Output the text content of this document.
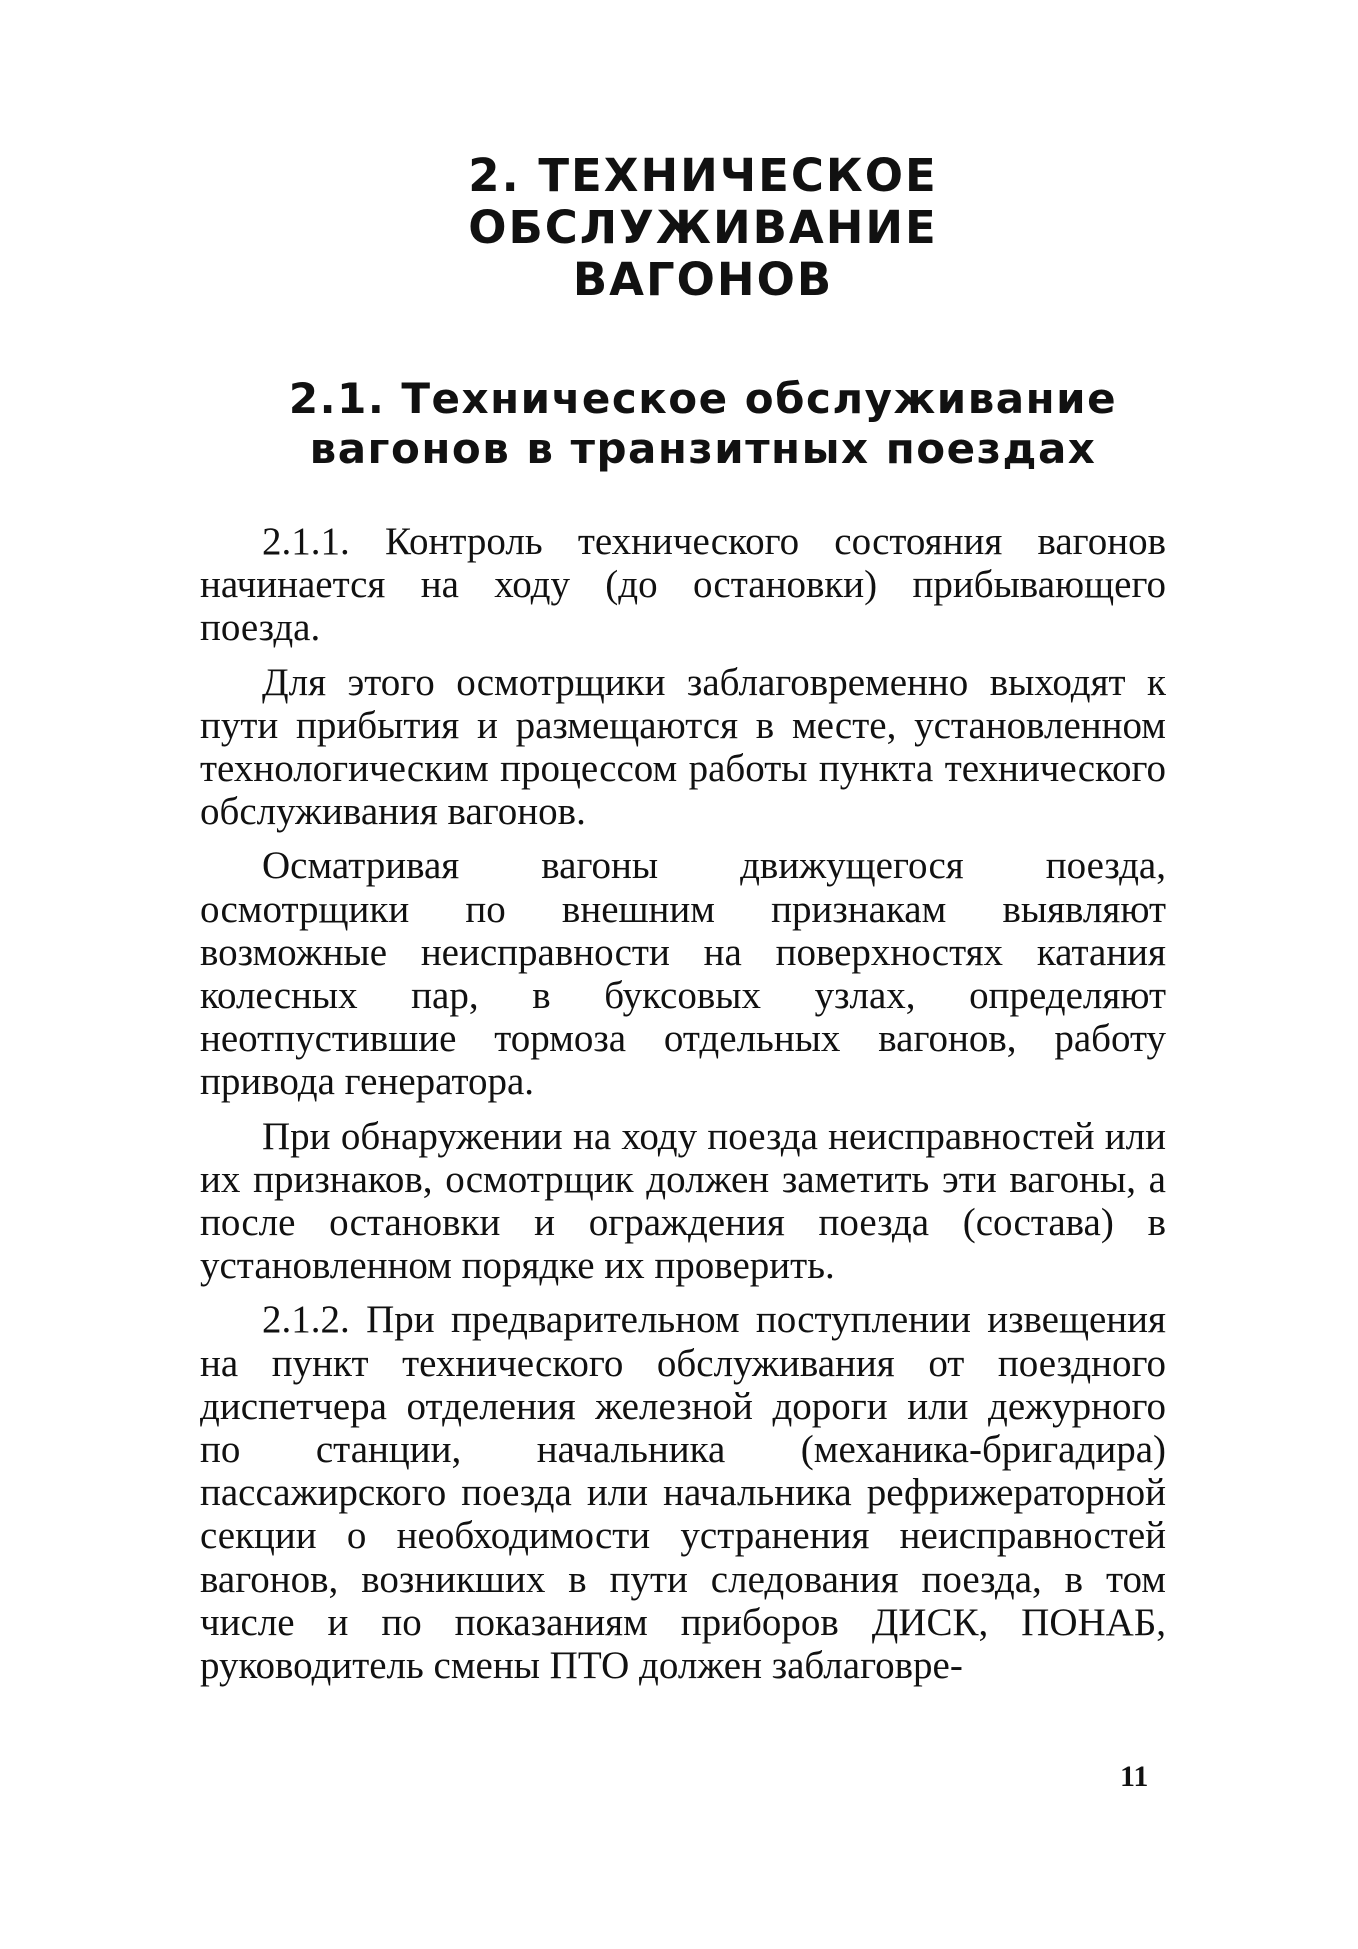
2. ТЕХНИЧЕСКОЕ ОБСЛУЖИВАНИЕ
ВАГОНОВ
2.1. Техническое обслуживание
вагонов в транзитных поездах

2.1.1. Контроль технического состояния вагонов начинается на ходу (до остановки) прибывающего поезда.

Для этого осмотрщики заблаговременно выходят к пути прибытия и размещаются в месте, установленном технологическим процессом работы пункта технического обслуживания вагонов.

Осматривая вагоны движущегося поезда, осмотрщики по внешним признакам выявляют возможные неисправности на поверхностях катания колесных пар, в буксовых узлах, определяют неотпустившие тормоза отдельных вагонов, работу привода генератора.

При обнаружении на ходу поезда неисправностей или их признаков, осмотрщик должен заметить эти вагоны, а после остановки и ограждения поезда (состава) в установленном порядке их проверить.

2.1.2. При предварительном поступлении извещения на пункт технического обслуживания от поездного диспетчера отделения железной дороги или дежурного по станции, начальника (механика-бригадира) пассажирского поезда или начальника рефрижераторной секции о необходимости устранения неисправностей вагонов, возникших в пути следования поезда, в том числе и по показаниям приборов ДИСК, ПОНАБ, руководитель смены ПТО должен заблаговре-

11
